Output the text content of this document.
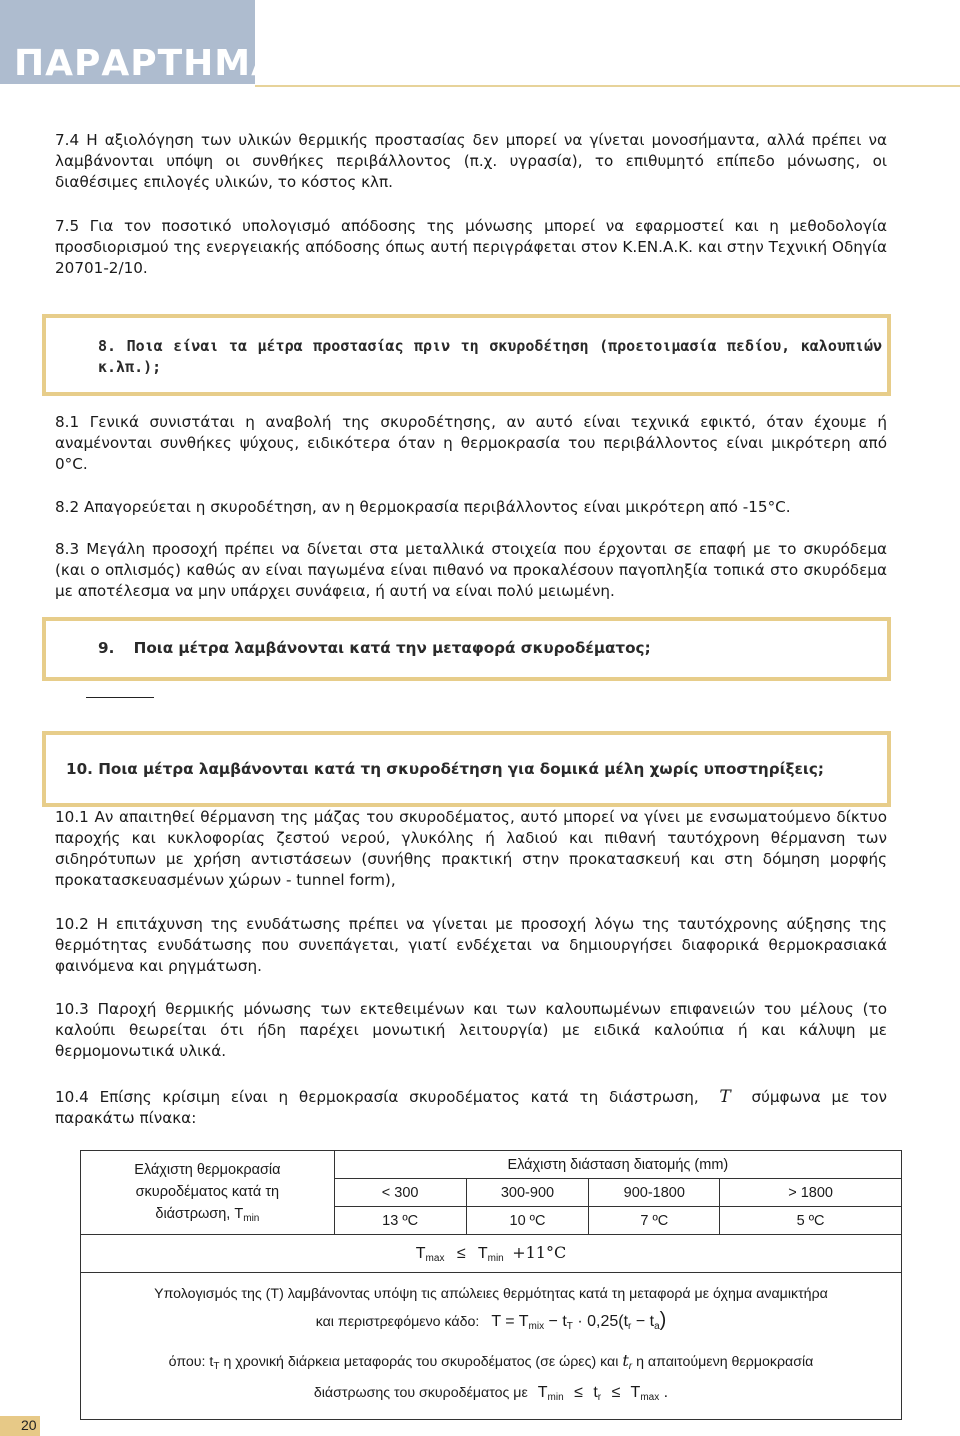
ΠΑΡΑΡΤΗΜΑ
7.4 Η αξιολόγηση των υλικών θερμικής προστασίας δεν μπορεί να γίνεται μονοσήμαντα, αλλά πρέπει να λαμβάνονται υπόψη οι συνθήκες περιβάλλοντος (π.χ. υγρασία), το επιθυμητό επίπεδο μόνωσης, οι διαθέσιμες επιλογές υλικών, το κόστος κλπ.
7.5 Για τον ποσοτικό υπολογισμό απόδοσης της μόνωσης μπορεί να εφαρμοστεί και η μεθοδολογία προσδιορισμού της ενεργειακής απόδοσης όπως αυτή περιγράφεται στον Κ.ΕΝ.Α.Κ. και στην Τεχνική Οδηγία 20701-2/10.
8. Ποια είναι τα μέτρα προστασίας πριν τη σκυροδέτηση (προετοιμασία πεδίου, καλουπιών κ.λπ.);
8.1 Γενικά συνιστάται η αναβολή της σκυροδέτησης, αν αυτό είναι τεχνικά εφικτό, όταν έχουμε ή αναμένονται συνθήκες ψύχους, ειδικότερα όταν η θερμοκρασία του περιβάλλοντος είναι μικρότερη από 0°C.
8.2 Απαγορεύεται η σκυροδέτηση, αν η θερμοκρασία περιβάλλοντος είναι μικρότερη από -15°C.
8.3 Μεγάλη προσοχή πρέπει να δίνεται στα μεταλλικά στοιχεία που έρχονται σε επαφή με το σκυρόδεμα (και ο οπλισμός) καθώς αν είναι παγωμένα είναι πιθανό να προκαλέσουν παγοπληξία τοπικά στο σκυρόδεμα με αποτέλεσμα να μην υπάρχει συνάφεια, ή αυτή να είναι πολύ μειωμένη.
9. Ποια μέτρα λαμβάνονται κατά την μεταφορά σκυροδέματος;
10. Ποια μέτρα λαμβάνονται κατά τη σκυροδέτηση για δομικά μέλη χωρίς υποστηρίξεις;
10.1 Αν απαιτηθεί θέρμανση της μάζας του σκυροδέματος, αυτό μπορεί να γίνει με ενσωματούμενο δίκτυο παροχής και κυκλοφορίας ζεστού νερού, γλυκόλης ή λαδιού και πιθανή ταυτόχρονη θέρμανση των σιδηρότυπων με χρήση αντιστάσεων (συνήθης πρακτική στην προκατασκευή και στη δόμηση μορφής προκατασκευασμένων χώρων - tunnel form),
10.2 Η επιτάχυνση της ενυδάτωσης πρέπει να γίνεται με προσοχή λόγω της ταυτόχρονης αύξησης της θερμότητας ενυδάτωσης που συνεπάγεται, γιατί ενδέχεται να δημιουργήσει διαφορικά θερμοκρασιακά φαινόμενα και ρηγμάτωση.
10.3 Παροχή θερμικής μόνωσης των εκτεθειμένων και των καλουπωμένων επιφανειών του μέλους (το καλούπι θεωρείται ότι ήδη παρέχει μονωτική λειτουργία) με ειδικά καλούπια ή και κάλυψη με θερμομονωτικά υλικά.
10.4 Επίσης κρίσιμη είναι η θερμοκρασία σκυροδέματος κατά τη διάστρωση, T σύμφωνα με τον παρακάτω πίνακα:
Ελάχιστη θερμοκρασία
σκυροδέματος κατά τη
διάστρωση, $T_{min}$	Ελάχιστη διάσταση διατομής (mm)			
	< 300	300-900	900-1800	> 1800
	13 ºC	10 ºC	7 ºC	5 ºC
$T_{max} \le T_{min} +11^\circ C$				

Υπολογισμός της (Τ) λαμβάνοντας υπόψη τις απώλειες θερμότητας κατά τη μεταφορά με όχημα αναμικτήρα
και περιστρεφόμενο κάδο: $T = T_{mix} - t_T \cdot 0,25(t_r - t_a)$
όπου: $t_T$ η χρονική διάρκεια μεταφοράς του σκυροδέματος (σε ώρες) και $t_r$ η απαιτούμενη θερμοκρασία
διάστρωσης του σκυροδέματος με $T_{min} \le t_r \le T_{max}$ .				
20
